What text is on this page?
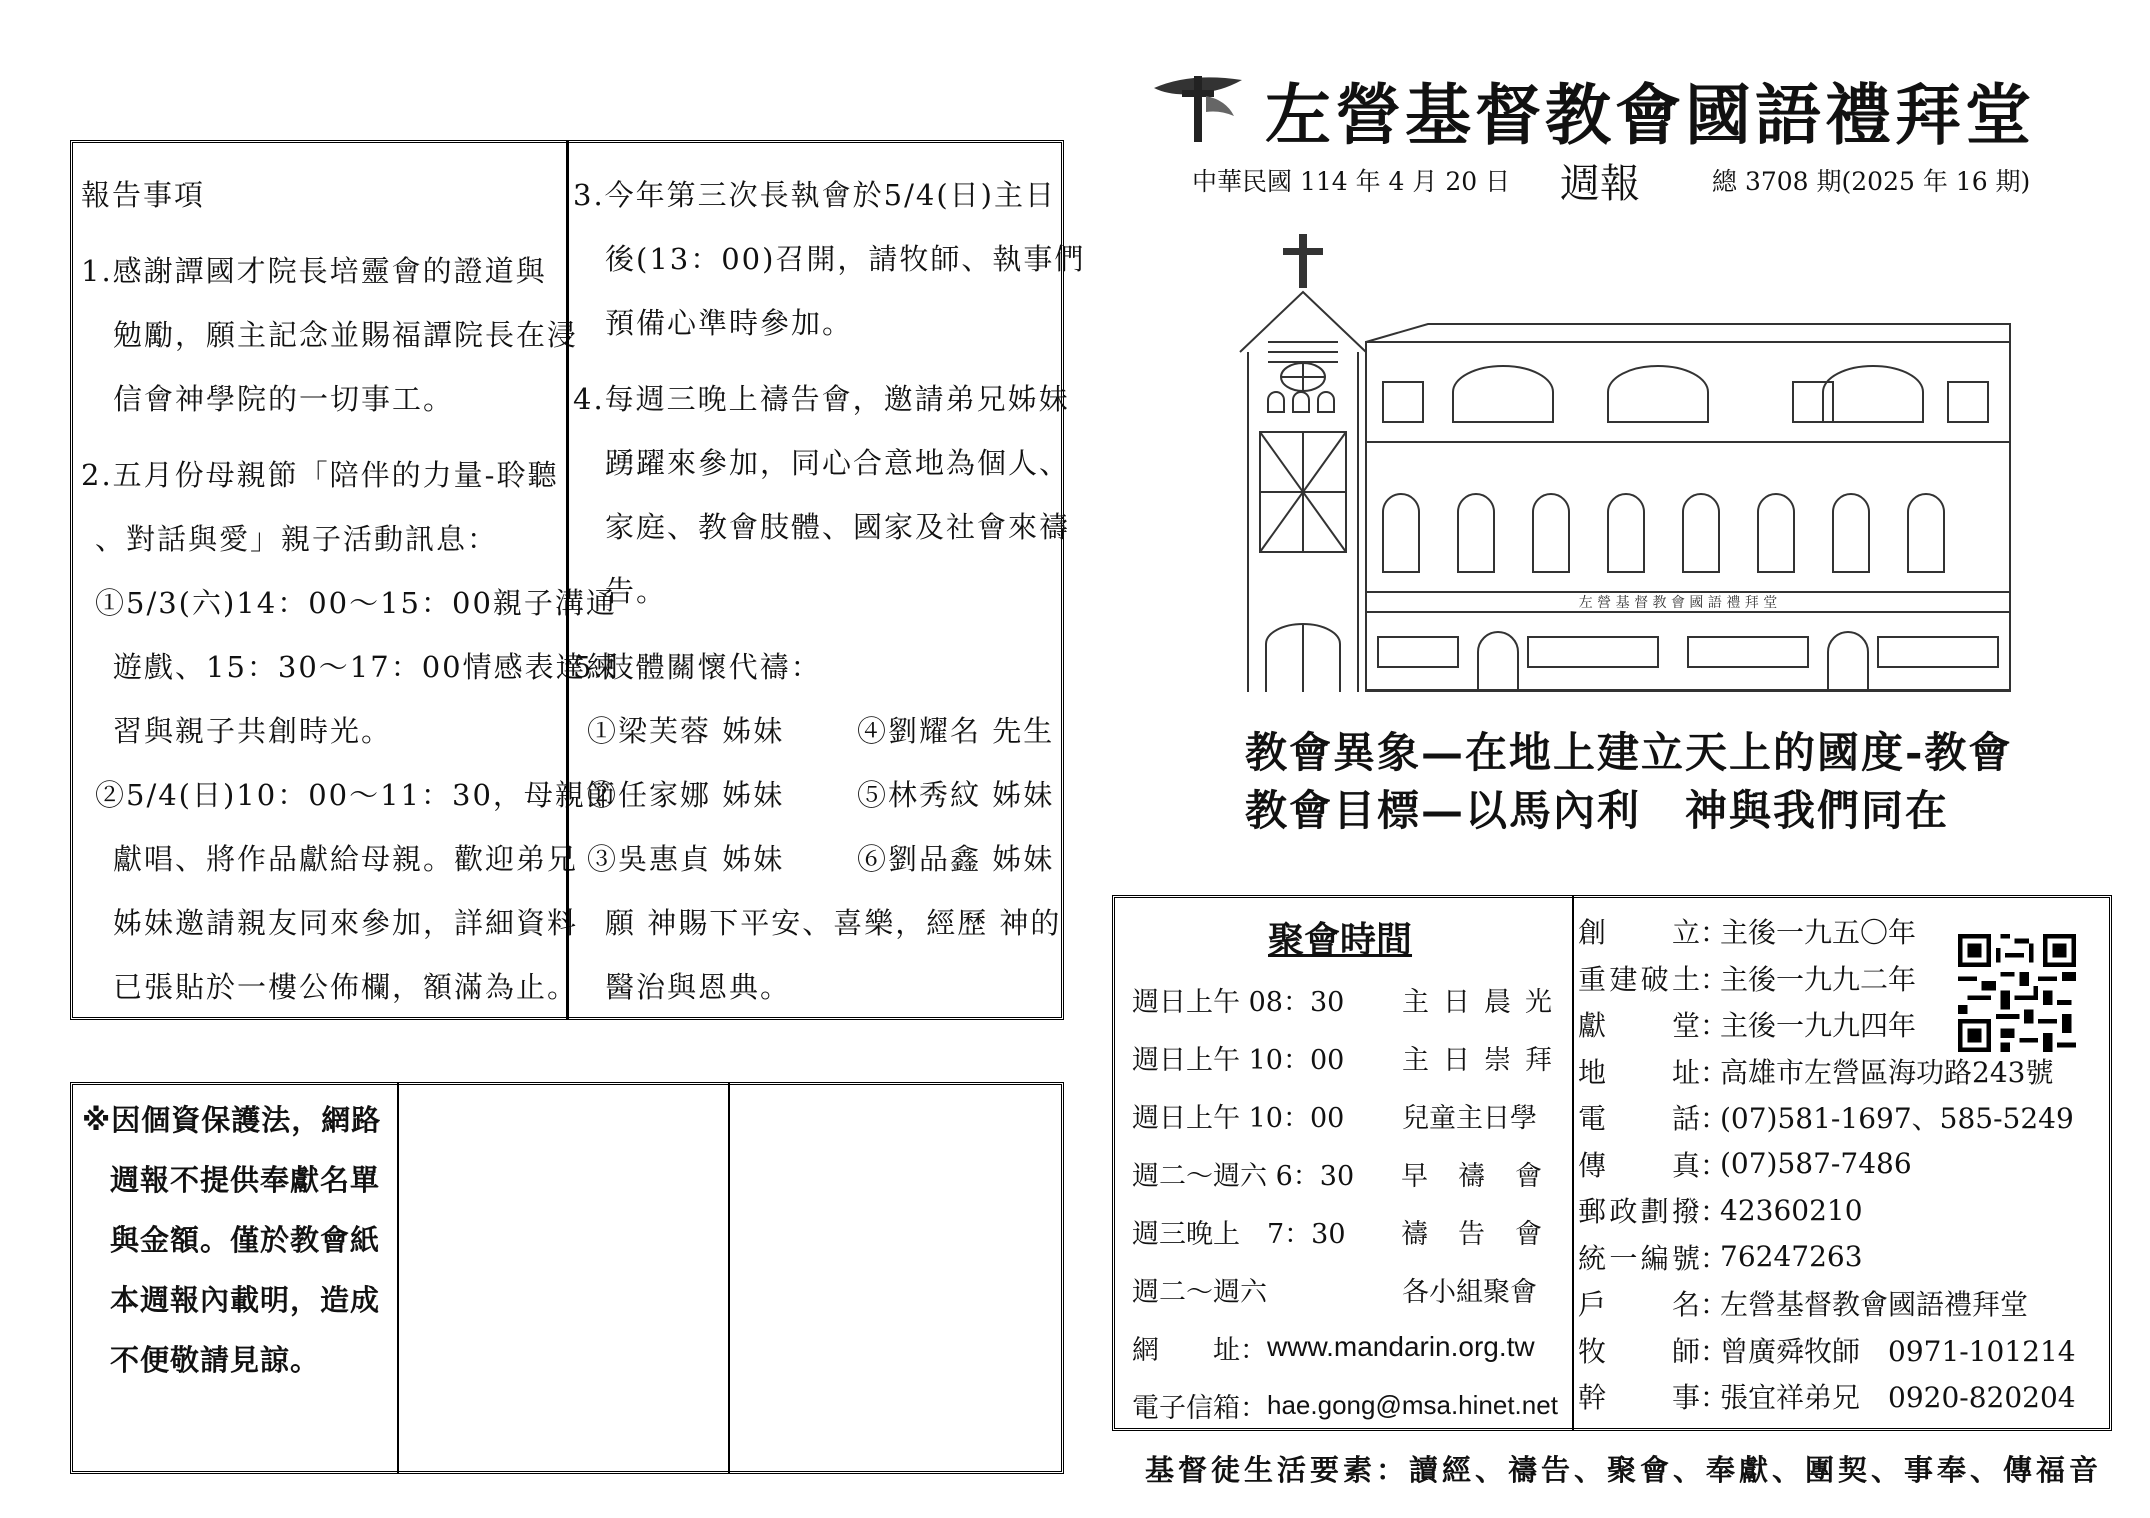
報告事項
1.感謝譚國才院長培靈會的證道與
勉勵，願主記念並賜福譚院長在浸
信會神學院的一切事工。
2.五月份母親節「陪伴的力量-聆聽
、對話與愛」親子活動訊息：
①5/3(六)14：00～15：00親子溝通
遊戲、15：30～17：00情感表達練
習與親子共創時光。
②5/4(日)10：00～11：30，母親節
獻唱、將作品獻給母親。歡迎弟兄
姊妹邀請親友同來參加，詳細資料
已張貼於一樓公佈欄，額滿為止。
3.今年第三次長執會於5/4(日)主日
後(13：00)召開，請牧師、執事們
預備心準時參加。
4.每週三晚上禱告會，邀請弟兄姊妹
踴躍來參加，同心合意地為個人、
家庭、教會肢體、國家及社會來禱
告。
5.肢體關懷代禱：
①梁芙蓉 姊妹	④劉耀名 先生
②任家娜 姊妹	⑤林秀紋 姊妹
③吳惠貞 姊妹	⑥劉品鑫 姊妹
願 神賜下平安、喜樂，經歷 神的
醫治與恩典。
※因個資保護法，網路
週報不提供奉獻名單
與金額。僅於教會紙
本週報內載明，造成
不便敬請見諒。
左營基督教會國語禮拜堂
中華民國 114 年 4 月 20 日 週報	總 3708 期(2025 年 16 期)
左 營 基 督 教 會 國 語 禮 拜 堂
教會異象—在地上建立天上的國度-教會
教會目標—以馬內利　神與我們同在
聚會時間
週日上午 08：30	主日晨光
週日上午 10：00	主日崇拜
週日上午 10：00	兒童主日學
週二～週六 6：30	早禱會
週三晚上　7：30	禱告會
週二～週六	各小組聚會
網　　址： www.mandarin.org.tw
電子信箱： hae.gong@msa.hinet.net
創 立 ：
主後一九五〇年
重 建 破 土 ：
主後一九九二年
獻 堂 ：
主後一九九四年
地 址 ：
高雄市左營區海功路243號
電 話 ：
(07)581-1697、585-5249
傳 真 ：
(07)587-7486
郵 政 劃 撥 ：
42360210
統 一 編 號 ：
76247263
戶 名 ：
左營基督教會國語禮拜堂
牧 師 ：
曾廣舜牧師　0971-101214
幹 事 ：
張宜祥弟兄　0920-820204
基督徒生活要素：讀經、禱告、聚會、奉獻、團契、事奉、傳福音
